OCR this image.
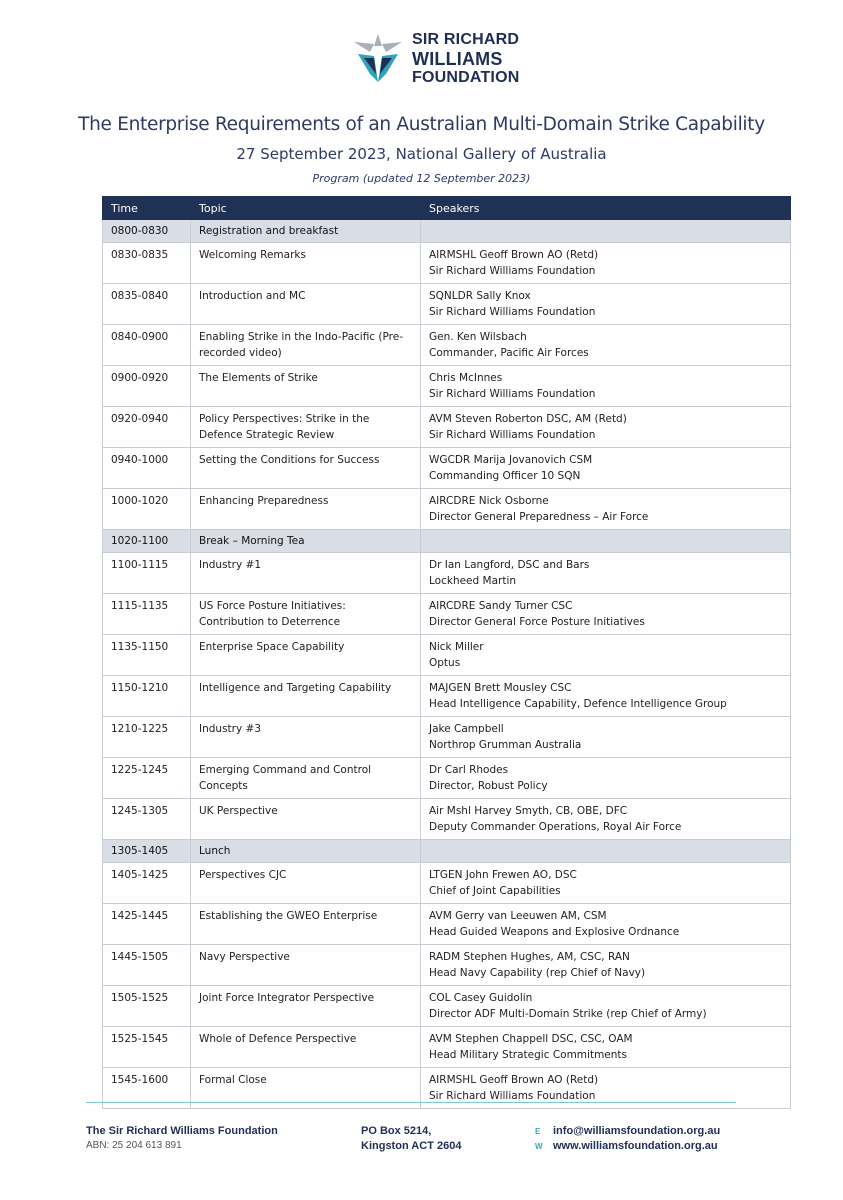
SIR RICHARD
WILLIAMS
FOUNDATION
The Enterprise Requirements of an Australian Multi-Domain Strike Capability
27 September 2023, National Gallery of Australia
Program (updated 12 September 2023)
Time	Topic	Speakers
0800-0830	Registration and breakfast	
0830-0835	Welcoming Remarks	AIRMSHL Geoff Brown AO (Retd)
Sir Richard Williams Foundation

0835-0840	Introduction and MC	SQNLDR Sally Knox
Sir Richard Williams Foundation

0840-0900	Enabling Strike in the Indo-Pacific (Pre-recorded video)	Gen. Ken Wilsbach
Commander, Pacific Air Forces

0900-0920	The Elements of Strike	Chris McInnes
Sir Richard Williams Foundation

0920-0940	Policy Perspectives: Strike in the Defence Strategic Review	AVM Steven Roberton DSC, AM (Retd)
Sir Richard Williams Foundation

0940-1000	Setting the Conditions for Success	WGCDR Marija Jovanovich CSM
Commanding Officer 10 SQN

1000-1020	Enhancing Preparedness	AIRCDRE Nick Osborne
Director General Preparedness – Air Force

1020-1100	Break – Morning Tea	
1100-1115	Industry #1	Dr Ian Langford, DSC and Bars
Lockheed Martin

1115-1135	US Force Posture Initiatives: Contribution to Deterrence	AIRCDRE Sandy Turner CSC
Director General Force Posture Initiatives

1135-1150	Enterprise Space Capability	Nick Miller
Optus

1150-1210	Intelligence and Targeting Capability	MAJGEN Brett Mousley CSC
Head Intelligence Capability, Defence Intelligence Group

1210-1225	Industry #3	Jake Campbell
Northrop Grumman Australia

1225-1245	Emerging Command and Control Concepts	Dr Carl Rhodes
Director, Robust Policy

1245-1305	UK Perspective	Air Mshl Harvey Smyth, CB, OBE, DFC
Deputy Commander Operations, Royal Air Force

1305-1405	Lunch	
1405-1425	Perspectives CJC	LTGEN John Frewen AO, DSC
Chief of Joint Capabilities

1425-1445	Establishing the GWEO Enterprise	AVM Gerry van Leeuwen AM, CSM
Head Guided Weapons and Explosive Ordnance

1445-1505	Navy Perspective	RADM Stephen Hughes, AM, CSC, RAN
Head Navy Capability (rep Chief of Navy)

1505-1525	Joint Force Integrator Perspective	COL Casey Guidolin
Director ADF Multi-Domain Strike (rep Chief of Army)

1525-1545	Whole of Defence Perspective	AVM Stephen Chappell DSC, CSC, OAM
Head Military Strategic Commitments

1545-1600	Formal Close	AIRMSHL Geoff Brown AO (Retd)
Sir Richard Williams Foundation
The Sir Richard Williams Foundation
ABN: 25 204 613 891
PO Box 5214,
Kingston ACT 2604
E info@williamsfoundation.org.au
W www.williamsfoundation.org.au
